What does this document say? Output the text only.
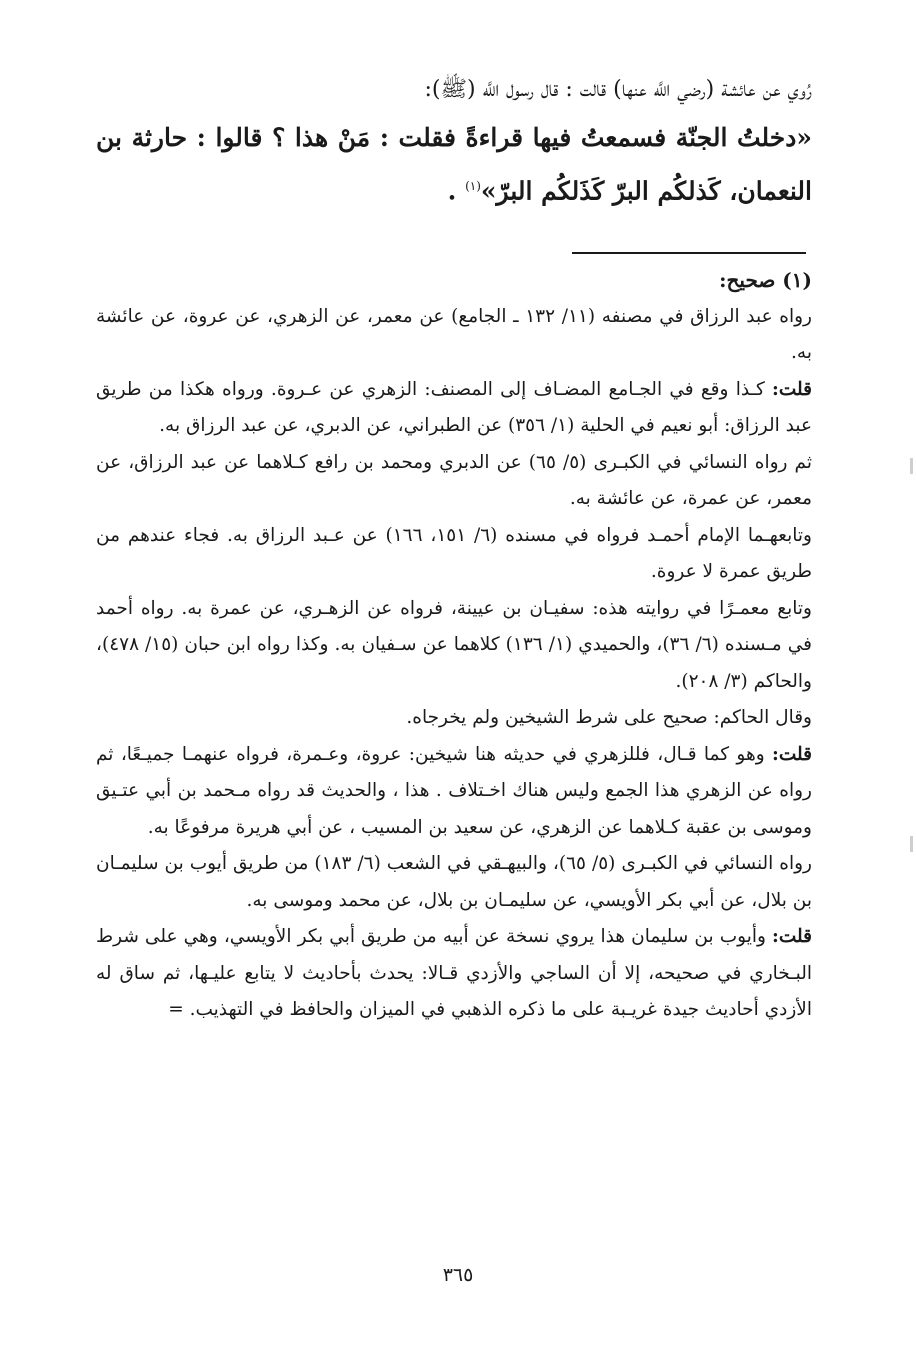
رُوي عن عائشة (رضي اللَّه عنها) قالت : قال رسول اللَّه (ﷺ):
«دخلتُ الجنّة فسمعتُ فيها قراءةً فقلت : مَنْ هذا ؟ قالوا : حارثة بن النعمان، كَذلكُم البرّ كَذَلكُم البرّ»$^{(١)}$ .
(١) صحيح:

رواه عبد الرزاق في مصنفه (١١/ ١٣٢ ـ الجامع) عن معمر، عن الزهري، عن عروة، عن عائشة به.

قلت: كـذا وقع في الجـامع المضـاف إلى المصنف: الزهري عن عـروة. ورواه هكذا من طريق عبد الرزاق: أبو نعيم في الحلية (١/ ٣٥٦) عن الطبراني، عن الدبري، عن عبد الرزاق به.

ثم رواه النسائي في الكبـرى (٥/ ٦٥) عن الدبري ومحمد بن رافع كـلاهما عن عبد الرزاق، عن معمر، عن عمرة، عن عائشة به.

وتابعهـما الإمام أحمـد فرواه في مسنده (٦/ ١٥١، ١٦٦) عن عـبد الرزاق به. فجاء عندهم من طريق عمرة لا عروة.

وتابع معمـرًا في روايته هذه: سفيـان بن عيينة، فرواه عن الزهـري، عن عمرة به. رواه أحمد في مـسنده (٦/ ٣٦)، والحميدي (١/ ١٣٦) كلاهما عن سـفيان به. وكذا رواه ابن حبان (١٥/ ٤٧٨)، والحاكم (٣/ ٢٠٨).

وقال الحاكم: صحيح على شرط الشيخين ولم يخرجاه.

قلت: وهو كما قـال، فللزهري في حديثه هنا شيخين: عروة، وعـمرة، فرواه عنهمـا جميـعًا، ثم رواه عن الزهري هذا الجمع وليس هناك اخـتلاف . هذا ، والحديث قد رواه مـحمد بن أبي عتـيق وموسى بن عقبة كـلاهما عن الزهري، عن سعيد بن المسيب ، عن أبي هريرة مرفوعًا به.

رواه النسائي في الكبـرى (٥/ ٦٥)، والبيهـقي في الشعب (٦/ ١٨٣) من طريق أيوب بن سليمـان بن بلال، عن أبي بكر الأويسي، عن سليمـان بن بلال، عن محمد وموسى به.

قلت: وأيوب بن سليمان هذا يروي نسخة عن أبيه من طريق أبي بكر الأويسي، وهي على شرط البـخاري في صحيحه، إلا أن الساجي والأزدي قـالا: يحدث بأحاديث لا يتابع عليـها، ثم ساق له الأزدي أحاديث جيدة غريـبة على ما ذكره الذهبي في الميزان والحافظ في التهذيب. =

٣٦٥
